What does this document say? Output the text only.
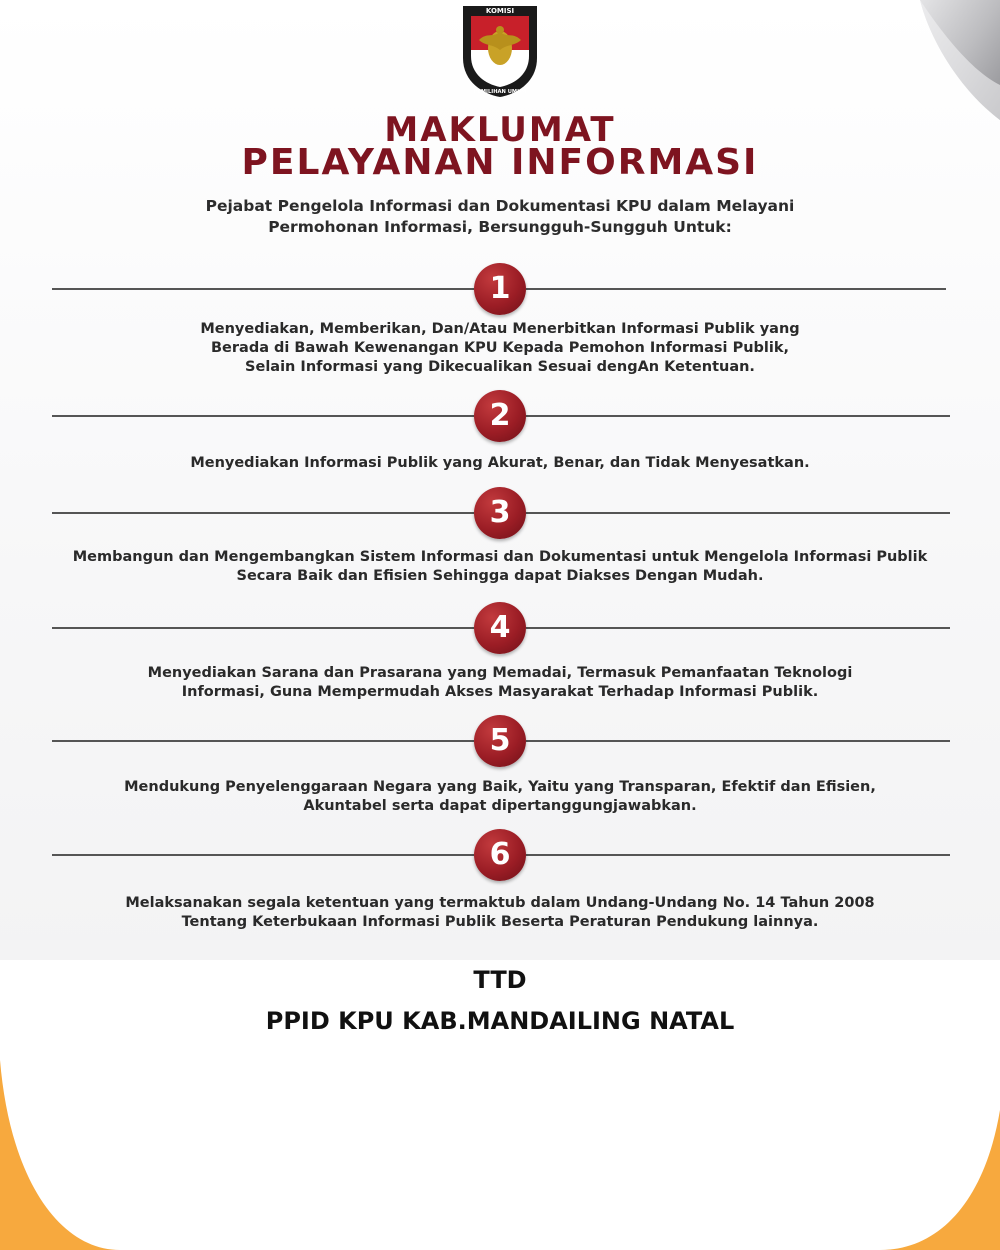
KOMISI
PEMILIHAN UMUM
MAKLUMAT
PELAYANAN INFORMASI
Pejabat Pengelola Informasi dan Dokumentasi KPU dalam Melayani
Permohonan Informasi, Bersungguh-Sungguh Untuk:
1
Menyediakan, Memberikan, Dan/Atau Menerbitkan Informasi Publik yang
Berada di Bawah Kewenangan KPU Kepada Pemohon Informasi Publik,
Selain Informasi yang Dikecualikan Sesuai dengAn Ketentuan.
2
Menyediakan Informasi Publik yang Akurat, Benar, dan Tidak Menyesatkan.
3
Membangun dan Mengembangkan Sistem Informasi dan Dokumentasi untuk Mengelola Informasi Publik
Secara Baik dan Efisien Sehingga dapat Diakses Dengan Mudah.
4
Menyediakan Sarana dan Prasarana yang Memadai, Termasuk Pemanfaatan Teknologi
Informasi, Guna Mempermudah Akses Masyarakat Terhadap Informasi Publik.
5
Mendukung Penyelenggaraan Negara yang Baik, Yaitu yang Transparan, Efektif dan Efisien,
Akuntabel serta dapat dipertanggungjawabkan.
6
Melaksanakan segala ketentuan yang termaktub dalam Undang-Undang No. 14 Tahun 2008
Tentang Keterbukaan Informasi Publik Beserta Peraturan Pendukung lainnya.
TTD
PPID KPU KAB.MANDAILING NATAL
